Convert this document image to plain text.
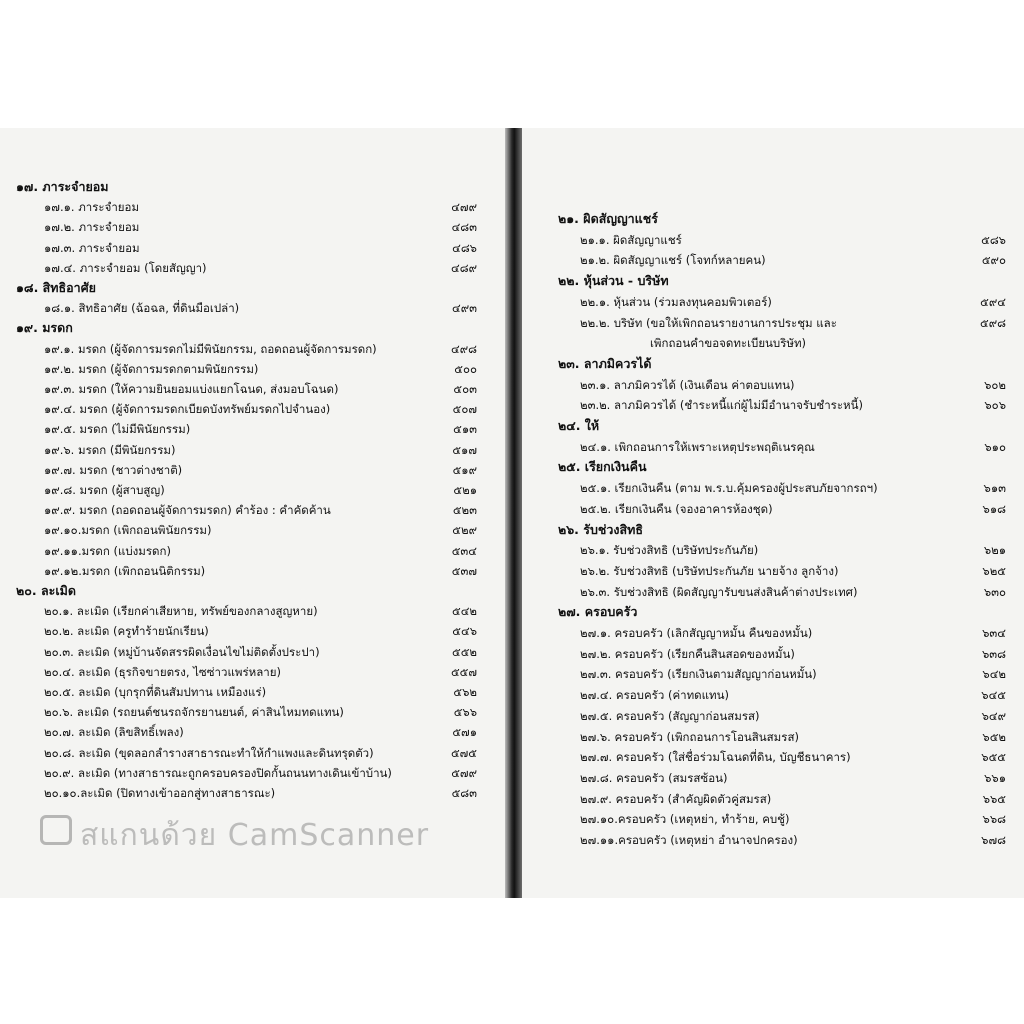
๑๗. ภาระจำยอม
๑๗.๑. ภาระจำยอม	๔๗๙
๑๗.๒. ภาระจำยอม	๔๘๓
๑๗.๓. ภาระจำยอม	๔๘๖
๑๗.๔. ภาระจำยอม (โดยสัญญา)	๔๘๙
๑๘. สิทธิอาศัย
๑๘.๑. สิทธิอาศัย (ฉ้อฉล, ที่ดินมือเปล่า)	๔๙๓
๑๙. มรดก
๑๙.๑. มรดก (ผู้จัดการมรดกไม่มีพินัยกรรม, ถอดถอนผู้จัดการมรดก)	๔๙๘
๑๙.๒. มรดก (ผู้จัดการมรดกตามพินัยกรรม)	๕๐๐
๑๙.๓. มรดก (ให้ความยินยอมแบ่งแยกโฉนด, ส่งมอบโฉนด)	๕๐๓
๑๙.๔. มรดก (ผู้จัดการมรดกเบียดบังทรัพย์มรดกไปจำนอง)	๕๐๗
๑๙.๕. มรดก (ไม่มีพินัยกรรม)	๕๑๓
๑๙.๖. มรดก (มีพินัยกรรม)	๕๑๗
๑๙.๗. มรดก (ชาวต่างชาติ)	๕๑๙
๑๙.๘. มรดก (ผู้สาบสูญ)	๕๒๑
๑๙.๙. มรดก (ถอดถอนผู้จัดการมรดก) คำร้อง : คำคัดค้าน	๕๒๓
๑๙.๑๐.มรดก (เพิกถอนพินัยกรรม)	๕๒๙
๑๙.๑๑.มรดก (แบ่งมรดก)	๕๓๔
๑๙.๑๒.มรดก (เพิกถอนนิติกรรม)	๕๓๗
๒๐. ละเมิด
๒๐.๑. ละเมิด (เรียกค่าเสียหาย, ทรัพย์ของกลางสูญหาย)	๕๔๒
๒๐.๒. ละเมิด (ครูทำร้ายนักเรียน)	๕๔๖
๒๐.๓. ละเมิด (หมู่บ้านจัดสรรผิดเงื่อนไขไม่ติดตั้งประปา)	๕๕๒
๒๐.๔. ละเมิด (ธุรกิจขายตรง, ไซซ่าวแพร่หลาย)	๕๕๗
๒๐.๕. ละเมิด (บุกรุกที่ดินสัมปทาน เหมืองแร่)	๕๖๒
๒๐.๖. ละเมิด (รถยนต์ชนรถจักรยานยนต์, ค่าสินไหมทดแทน)	๕๖๖
๒๐.๗. ละเมิด (ลิขสิทธิ์เพลง)	๕๗๑
๒๐.๘. ละเมิด (ขุดลอกลำรางสาธารณะทำให้กำแพงและดินทรุดตัว)	๕๗๕
๒๐.๙. ละเมิด (ทางสาธารณะถูกครอบครองปิดกั้นถนนทางเดินเข้าบ้าน)	๕๗๙
๒๐.๑๐.ละเมิด (ปิดทางเข้าออกสู่ทางสาธารณะ)	๕๘๓
๒๑. ผิดสัญญาแชร์
๒๑.๑. ผิดสัญญาแชร์	๕๘๖
๒๑.๒. ผิดสัญญาแชร์ (โจทก์หลายคน)	๕๙๐
๒๒. หุ้นส่วน - บริษัท
๒๒.๑. หุ้นส่วน (ร่วมลงทุนคอมพิวเตอร์)	๕๙๔
๒๒.๒. บริษัท (ขอให้เพิกถอนรายงานการประชุม และ	๕๙๘
เพิกถอนคำขอจดทะเบียนบริษัท)
๒๓. ลาภมิควรได้
๒๓.๑. ลาภมิควรได้ (เงินเดือน ค่าตอบแทน)	๖๐๒
๒๓.๒. ลาภมิควรได้ (ชำระหนี้แก่ผู้ไม่มีอำนาจรับชำระหนี้)	๖๐๖
๒๔. ให้
๒๔.๑. เพิกถอนการให้เพราะเหตุประพฤติเนรคุณ	๖๑๐
๒๕. เรียกเงินคืน
๒๕.๑. เรียกเงินคืน (ตาม พ.ร.บ.คุ้มครองผู้ประสบภัยจากรถฯ)	๖๑๓
๒๕.๒. เรียกเงินคืน (จองอาคารห้องชุด)	๖๑๘
๒๖. รับช่วงสิทธิ
๒๖.๑. รับช่วงสิทธิ (บริษัทประกันภัย)	๖๒๑
๒๖.๒. รับช่วงสิทธิ (บริษัทประกันภัย นายจ้าง ลูกจ้าง)	๖๒๕
๒๖.๓. รับช่วงสิทธิ (ผิดสัญญารับขนส่งสินค้าต่างประเทศ)	๖๓๐
๒๗. ครอบครัว
๒๗.๑. ครอบครัว (เลิกสัญญาหมั้น คืนของหมั้น)	๖๓๔
๒๗.๒. ครอบครัว (เรียกคืนสินสอดของหมั้น)	๖๓๘
๒๗.๓. ครอบครัว (เรียกเงินตามสัญญาก่อนหมั้น)	๖๔๒
๒๗.๔. ครอบครัว (ค่าทดแทน)	๖๔๕
๒๗.๕. ครอบครัว (สัญญาก่อนสมรส)	๖๔๙
๒๗.๖. ครอบครัว (เพิกถอนการโอนสินสมรส)	๖๕๒
๒๗.๗. ครอบครัว (ใส่ชื่อร่วมโฉนดที่ดิน, บัญชีธนาคาร)	๖๕๕
๒๗.๘. ครอบครัว (สมรสซ้อน)	๖๖๑
๒๗.๙. ครอบครัว (สำคัญผิดตัวคู่สมรส)	๖๖๕
๒๗.๑๐.ครอบครัว (เหตุหย่า, ทำร้าย, คบชู้)	๖๖๘
๒๗.๑๑.ครอบครัว (เหตุหย่า อำนาจปกครอง)	๖๗๘
สแกนด้วย CamScanner
